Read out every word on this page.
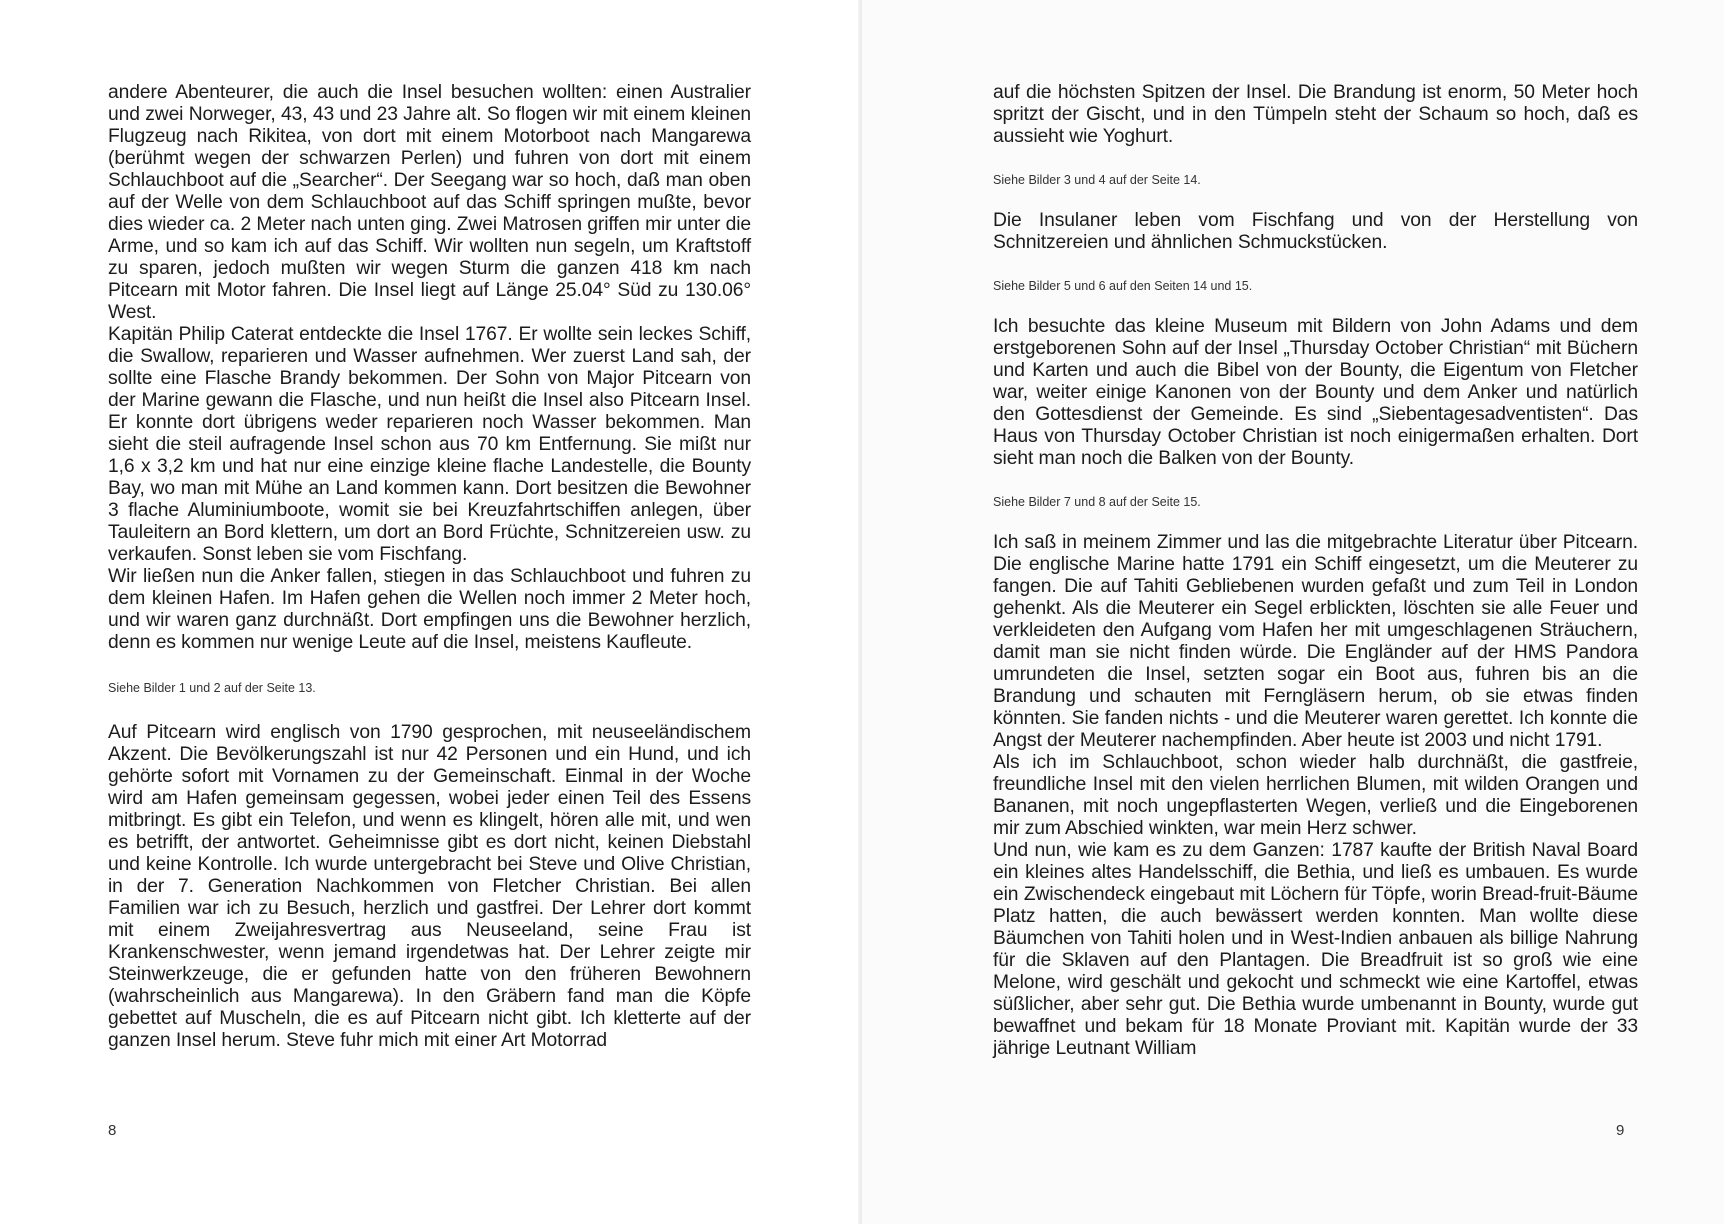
andere Abenteurer, die auch die Insel besuchen wollten: einen Australier und zwei Norweger, 43, 43 und 23 Jahre alt. So flogen wir mit einem kleinen Flugzeug nach Rikitea, von dort mit einem Motorboot nach Mangarewa (berühmt wegen der schwarzen Perlen) und fuhren von dort mit einem Schlauchboot auf die „Searcher“. Der Seegang war so hoch, daß man oben auf der Welle von dem Schlauchboot auf das Schiff springen mußte, bevor dies wieder ca. 2 Meter nach unten ging. Zwei Matrosen griffen mir unter die Arme, und so kam ich auf das Schiff. Wir wollten nun segeln, um Kraftstoff zu sparen, jedoch mußten wir wegen Sturm die ganzen 418 km nach Pitcearn mit Motor fahren. Die Insel liegt auf Länge 25.04° Süd zu 130.06° West.

Kapitän Philip Caterat entdeckte die Insel 1767. Er wollte sein leckes Schiff, die Swallow, reparieren und Wasser aufnehmen. Wer zuerst Land sah, der sollte eine Flasche Brandy bekommen. Der Sohn von Major Pitcearn von der Marine gewann die Flasche, und nun heißt die Insel also Pitcearn Insel. Er konnte dort übrigens weder reparieren noch Wasser bekommen. Man sieht die steil aufragende Insel schon aus 70 km Entfernung. Sie mißt nur 1,6 x 3,2 km und hat nur eine einzige kleine flache Landestelle, die Bounty Bay, wo man mit Mühe an Land kommen kann. Dort besitzen die Bewohner 3 flache Aluminiumboote, womit sie bei Kreuzfahrtschiffen anlegen, über Tauleitern an Bord klettern, um dort an Bord Früchte, Schnitzereien usw. zu verkaufen. Sonst leben sie vom Fischfang.

Wir ließen nun die Anker fallen, stiegen in das Schlauchboot und fuhren zu dem kleinen Hafen. Im Hafen gehen die Wellen noch immer 2 Meter hoch, und wir waren ganz durchnäßt. Dort empfingen uns die Bewohner herzlich, denn es kommen nur wenige Leute auf die Insel, meistens Kaufleute.

Siehe Bilder 1 und 2 auf der Seite 13.

Auf Pitcearn wird englisch von 1790 gesprochen, mit neuseeländischem Akzent. Die Bevölkerungszahl ist nur 42 Personen und ein Hund, und ich gehörte sofort mit Vornamen zu der Gemeinschaft. Einmal in der Woche wird am Hafen gemeinsam gegessen, wobei jeder einen Teil des Essens mitbringt. Es gibt ein Telefon, und wenn es klingelt, hören alle mit, und wen es betrifft, der antwortet. Geheimnisse gibt es dort nicht, keinen Diebstahl und keine Kontrolle. Ich wurde untergebracht bei Steve und Olive Christian, in der 7. Generation Nachkommen von Fletcher Christian. Bei allen Familien war ich zu Besuch, herzlich und gastfrei. Der Lehrer dort kommt mit einem Zweijahresvertrag aus Neuseeland, seine Frau ist Krankenschwester, wenn jemand irgendetwas hat. Der Lehrer zeigte mir Steinwerkzeuge, die er gefunden hatte von den früheren Bewohnern (wahrscheinlich aus Mangarewa). In den Gräbern fand man die Köpfe gebettet auf Muscheln, die es auf Pitcearn nicht gibt. Ich kletterte auf der ganzen Insel herum. Steve fuhr mich mit einer Art Motorrad

8

auf die höchsten Spitzen der Insel. Die Brandung ist enorm, 50 Meter hoch spritzt der Gischt, und in den Tümpeln steht der Schaum so hoch, daß es aussieht wie Yoghurt.

Siehe Bilder 3 und 4 auf der Seite 14.

Die Insulaner leben vom Fischfang und von der Herstellung von Schnitzereien und ähnlichen Schmuckstücken.

Siehe Bilder 5 und 6 auf den Seiten 14 und 15.

Ich besuchte das kleine Museum mit Bildern von John Adams und dem erstgeborenen Sohn auf der Insel „Thursday October Christian“ mit Büchern und Karten und auch die Bibel von der Bounty, die Eigentum von Fletcher war, weiter einige Kanonen von der Bounty und dem Anker und natürlich den Gottesdienst der Gemeinde. Es sind „Siebentagesadventisten“. Das Haus von Thursday October Christian ist noch einigermaßen erhalten. Dort sieht man noch die Balken von der Bounty.

Siehe Bilder 7 und 8 auf der Seite 15.

Ich saß in meinem Zimmer und las die mitgebrachte Literatur über Pitcearn. Die englische Marine hatte 1791 ein Schiff eingesetzt, um die Meuterer zu fangen. Die auf Tahiti Gebliebenen wurden gefaßt und zum Teil in London gehenkt. Als die Meuterer ein Segel erblickten, löschten sie alle Feuer und verkleideten den Aufgang vom Hafen her mit umgeschlagenen Sträuchern, damit man sie nicht finden würde. Die Engländer auf der HMS Pandora umrundeten die Insel, setzten sogar ein Boot aus, fuhren bis an die Brandung und schauten mit Ferngläsern herum, ob sie etwas finden könnten. Sie fanden nichts - und die Meuterer waren gerettet. Ich konnte die Angst der Meuterer nachempfinden. Aber heute ist 2003 und nicht 1791.

Als ich im Schlauchboot, schon wieder halb durchnäßt, die gastfreie, freundliche Insel mit den vielen herrlichen Blumen, mit wilden Orangen und Bananen, mit noch ungepflasterten Wegen, verließ und die Eingeborenen mir zum Abschied winkten, war mein Herz schwer.

Und nun, wie kam es zu dem Ganzen: 1787 kaufte der British Naval Board ein kleines altes Handelsschiff, die Bethia, und ließ es umbauen. Es wurde ein Zwischendeck eingebaut mit Löchern für Töpfe, worin Bread-fruit-Bäume Platz hatten, die auch bewässert werden konnten. Man wollte diese Bäumchen von Tahiti holen und in West-Indien anbauen als billige Nahrung für die Sklaven auf den Plantagen. Die Breadfruit ist so groß wie eine Melone, wird geschält und gekocht und schmeckt wie eine Kartoffel, etwas süßlicher, aber sehr gut. Die Bethia wurde umbenannt in Bounty, wurde gut bewaffnet und bekam für 18 Monate Proviant mit. Kapitän wurde der 33 jährige Leutnant William

9
